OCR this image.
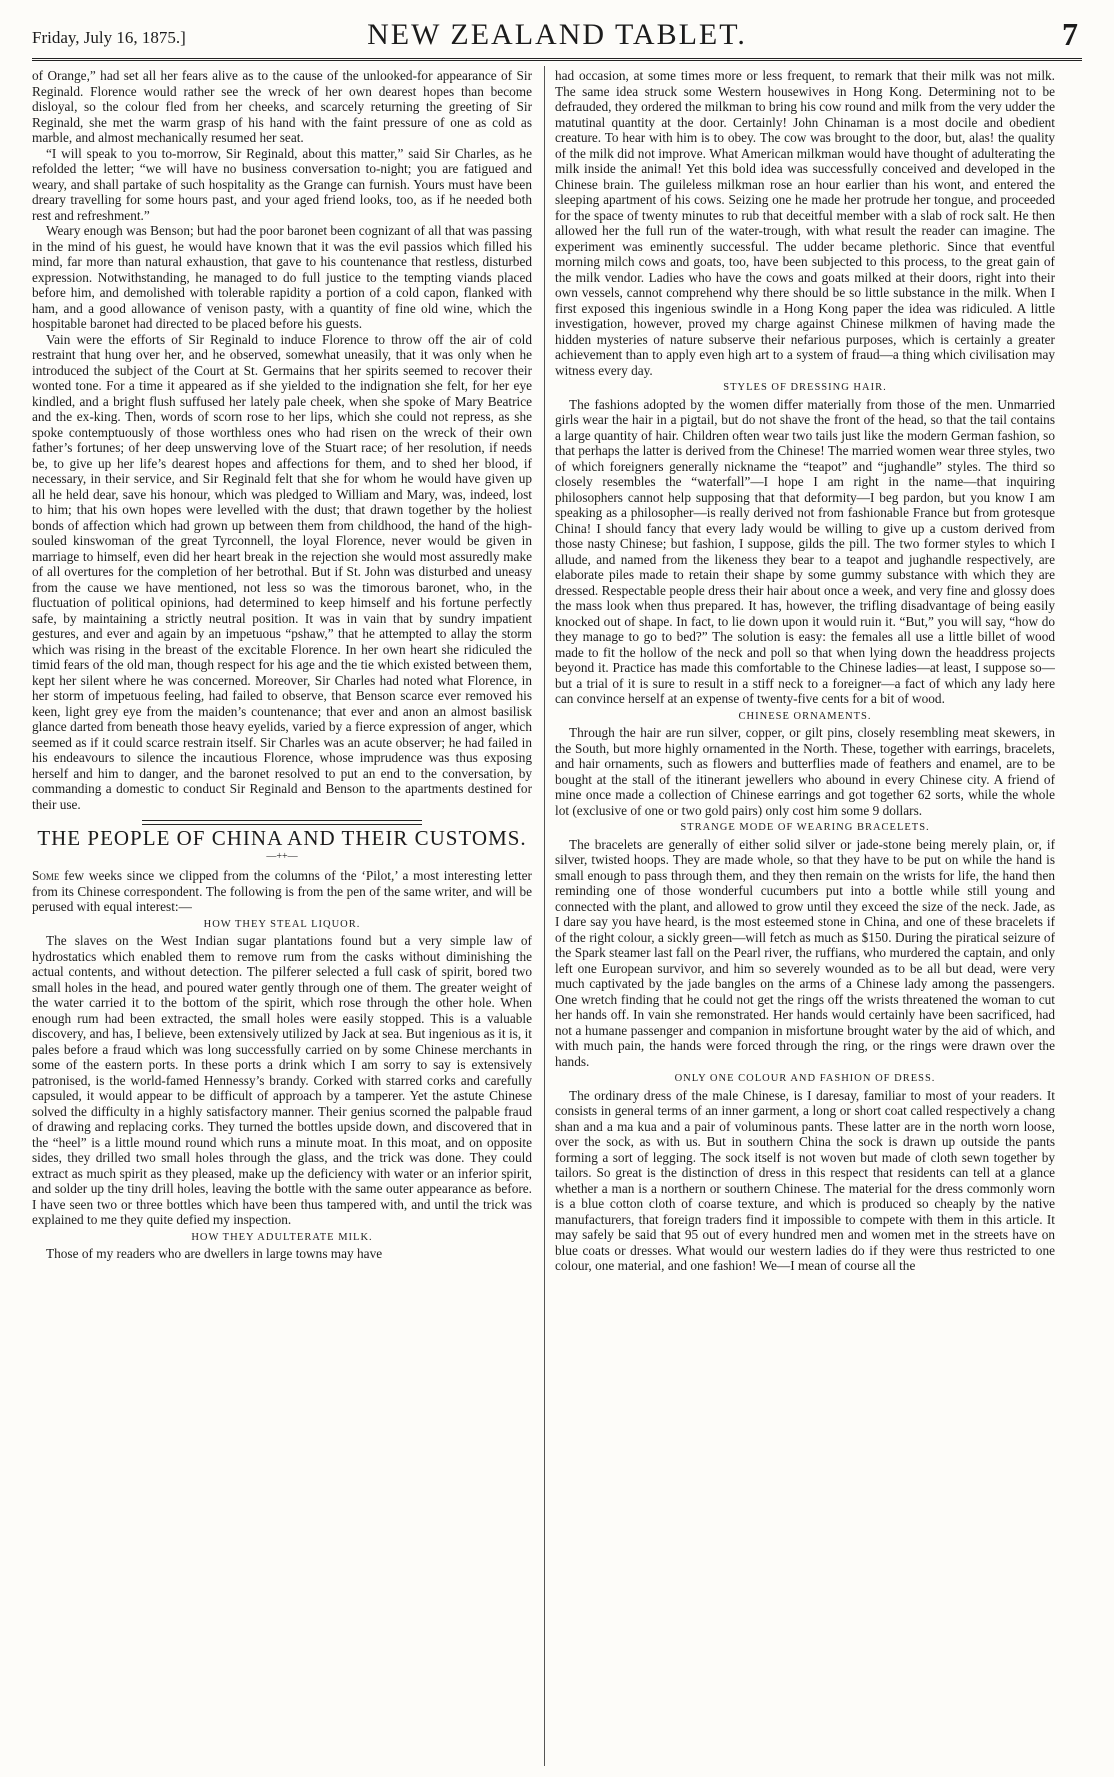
Friday, July 16, 1875.]	NEW ZEALAND TABLET.	7

of Orange,” had set all her fears alive as to the cause of the unlooked-for appearance of Sir Reginald. Florence would rather see the wreck of her own dearest hopes than become disloyal, so the colour fled from her cheeks, and scarcely returning the greeting of Sir Reginald, she met the warm grasp of his hand with the faint pressure of one as cold as marble, and almost mechanically resumed her seat.

“I will speak to you to-morrow, Sir Reginald, about this matter,” said Sir Charles, as he refolded the letter; “we will have no business conversation to-night; you are fatigued and weary, and shall partake of such hospitality as the Grange can furnish. Yours must have been dreary travelling for some hours past, and your aged friend looks, too, as if he needed both rest and refreshment.”

Weary enough was Benson; but had the poor baronet been cognizant of all that was passing in the mind of his guest, he would have known that it was the evil passios which filled his mind, far more than natural exhaustion, that gave to his countenance that restless, disturbed expression. Notwithstanding, he managed to do full justice to the tempting viands placed before him, and demolished with tolerable rapidity a portion of a cold capon, flanked with ham, and a good allowance of venison pasty, with a quantity of fine old wine, which the hospitable baronet had directed to be placed before his guests.

Vain were the efforts of Sir Reginald to induce Florence to throw off the air of cold restraint that hung over her, and he observed, somewhat uneasily, that it was only when he introduced the subject of the Court at St. Germains that her spirits seemed to recover their wonted tone. For a time it appeared as if she yielded to the indignation she felt, for her eye kindled, and a bright flush suffused her lately pale cheek, when she spoke of Mary Beatrice and the ex-king. Then, words of scorn rose to her lips, which she could not repress, as she spoke contemptuously of those worthless ones who had risen on the wreck of their own father’s fortunes; of her deep unswerving love of the Stuart race; of her resolution, if needs be, to give up her life’s dearest hopes and affections for them, and to shed her blood, if necessary, in their service, and Sir Reginald felt that she for whom he would have given up all he held dear, save his honour, which was pledged to William and Mary, was, indeed, lost to him; that his own hopes were levelled with the dust; that drawn together by the holiest bonds of affection which had grown up between them from childhood, the hand of the high-souled kinswoman of the great Tyrconnell, the loyal Florence, never would be given in marriage to himself, even did her heart break in the rejection she would most assuredly make of all overtures for the completion of her betrothal. But if St. John was disturbed and uneasy from the cause we have mentioned, not less so was the timorous baronet, who, in the fluctuation of political opinions, had determined to keep himself and his fortune perfectly safe, by maintaining a strictly neutral position. It was in vain that by sundry impatient gestures, and ever and again by an impetuous “pshaw,” that he attempted to allay the storm which was rising in the breast of the excitable Florence. In her own heart she ridiculed the timid fears of the old man, though respect for his age and the tie which existed between them, kept her silent where he was concerned. Moreover, Sir Charles had noted what Florence, in her storm of impetuous feeling, had failed to observe, that Benson scarce ever removed his keen, light grey eye from the maiden’s countenance; that ever and anon an almost basilisk glance darted from beneath those heavy eyelids, varied by a fierce expression of anger, which seemed as if it could scarce restrain itself. Sir Charles was an acute observer; he had failed in his endeavours to silence the incautious Florence, whose imprudence was thus exposing herself and him to danger, and the baronet resolved to put an end to the conversation, by commanding a domestic to conduct Sir Reginald and Benson to the apartments destined for their use.

THE PEOPLE OF CHINA AND THEIR CUSTOMS.
—++—

Some few weeks since we clipped from the columns of the ‘Pilot,’ a most interesting letter from its Chinese correspondent. The following is from the pen of the same writer, and will be perused with equal interest:—

HOW THEY STEAL LIQUOR.

The slaves on the West Indian sugar plantations found but a very simple law of hydrostatics which enabled them to remove rum from the casks without diminishing the actual contents, and without detection. The pilferer selected a full cask of spirit, bored two small holes in the head, and poured water gently through one of them. The greater weight of the water carried it to the bottom of the spirit, which rose through the other hole. When enough rum had been extracted, the small holes were easily stopped. This is a valuable discovery, and has, I believe, been extensively utilized by Jack at sea. But ingenious as it is, it pales before a fraud which was long successfully carried on by some Chinese merchants in some of the eastern ports. In these ports a drink which I am sorry to say is extensively patronised, is the world-famed Hennessy’s brandy. Corked with starred corks and carefully capsuled, it would appear to be difficult of approach by a tamperer. Yet the astute Chinese solved the difficulty in a highly satisfactory manner. Their genius scorned the palpable fraud of drawing and replacing corks. They turned the bottles upside down, and discovered that in the “heel” is a little mound round which runs a minute moat. In this moat, and on opposite sides, they drilled two small holes through the glass, and the trick was done. They could extract as much spirit as they pleased, make up the deficiency with water or an inferior spirit, and solder up the tiny drill holes, leaving the bottle with the same outer appearance as before. I have seen two or three bottles which have been thus tampered with, and until the trick was explained to me they quite defied my inspection.

HOW THEY ADULTERATE MILK.

Those of my readers who are dwellers in large towns may have

had occasion, at some times more or less frequent, to remark that their milk was not milk. The same idea struck some Western housewives in Hong Kong. Determining not to be defrauded, they ordered the milkman to bring his cow round and milk from the very udder the matutinal quantity at the door. Certainly! John Chinaman is a most docile and obedient creature. To hear with him is to obey. The cow was brought to the door, but, alas! the quality of the milk did not improve. What American milkman would have thought of adulterating the milk inside the animal! Yet this bold idea was successfully conceived and developed in the Chinese brain. The guileless milkman rose an hour earlier than his wont, and entered the sleeping apartment of his cows. Seizing one he made her protrude her tongue, and proceeded for the space of twenty minutes to rub that deceitful member with a slab of rock salt. He then allowed her the full run of the water-trough, with what result the reader can imagine. The experiment was eminently successful. The udder became plethoric. Since that eventful morning milch cows and goats, too, have been subjected to this process, to the great gain of the milk vendor. Ladies who have the cows and goats milked at their doors, right into their own vessels, cannot comprehend why there should be so little substance in the milk. When I first exposed this ingenious swindle in a Hong Kong paper the idea was ridiculed. A little investigation, however, proved my charge against Chinese milkmen of having made the hidden mysteries of nature subserve their nefarious purposes, which is certainly a greater achievement than to apply even high art to a system of fraud—a thing which civilisation may witness every day.

STYLES OF DRESSING HAIR.

The fashions adopted by the women differ materially from those of the men. Unmarried girls wear the hair in a pigtail, but do not shave the front of the head, so that the tail contains a large quantity of hair. Children often wear two tails just like the modern German fashion, so that perhaps the latter is derived from the Chinese! The married women wear three styles, two of which foreigners generally nickname the “teapot” and “jughandle” styles. The third so closely resembles the “waterfall”—I hope I am right in the name—that inquiring philosophers cannot help supposing that that deformity—I beg pardon, but you know I am speaking as a philosopher—is really derived not from fashionable France but from grotesque China! I should fancy that every lady would be willing to give up a custom derived from those nasty Chinese; but fashion, I suppose, gilds the pill. The two former styles to which I allude, and named from the likeness they bear to a teapot and jughandle respectively, are elaborate piles made to retain their shape by some gummy substance with which they are dressed. Respectable people dress their hair about once a week, and very fine and glossy does the mass look when thus prepared. It has, however, the trifling disadvantage of being easily knocked out of shape. In fact, to lie down upon it would ruin it. “But,” you will say, “how do they manage to go to bed?” The solution is easy: the females all use a little billet of wood made to fit the hollow of the neck and poll so that when lying down the headdress projects beyond it. Practice has made this comfortable to the Chinese ladies—at least, I suppose so—but a trial of it is sure to result in a stiff neck to a foreigner—a fact of which any lady here can convince herself at an expense of twenty-five cents for a bit of wood.

CHINESE ORNAMENTS.

Through the hair are run silver, copper, or gilt pins, closely resembling meat skewers, in the South, but more highly ornamented in the North. These, together with earrings, bracelets, and hair ornaments, such as flowers and butterflies made of feathers and enamel, are to be bought at the stall of the itinerant jewellers who abound in every Chinese city. A friend of mine once made a collection of Chinese earrings and got together 62 sorts, while the whole lot (exclusive of one or two gold pairs) only cost him some 9 dollars.

STRANGE MODE OF WEARING BRACELETS.

The bracelets are generally of either solid silver or jade-stone being merely plain, or, if silver, twisted hoops. They are made whole, so that they have to be put on while the hand is small enough to pass through them, and they then remain on the wrists for life, the hand then reminding one of those wonderful cucumbers put into a bottle while still young and connected with the plant, and allowed to grow until they exceed the size of the neck. Jade, as I dare say you have heard, is the most esteemed stone in China, and one of these bracelets if of the right colour, a sickly green—will fetch as much as $150. During the piratical seizure of the Spark steamer last fall on the Pearl river, the ruffians, who murdered the captain, and only left one European survivor, and him so severely wounded as to be all but dead, were very much captivated by the jade bangles on the arms of a Chinese lady among the passengers. One wretch finding that he could not get the rings off the wrists threatened the woman to cut her hands off. In vain she remonstrated. Her hands would certainly have been sacrificed, had not a humane passenger and companion in misfortune brought water by the aid of which, and with much pain, the hands were forced through the ring, or the rings were drawn over the hands.

ONLY ONE COLOUR AND FASHION OF DRESS.

The ordinary dress of the male Chinese, is I daresay, familiar to most of your readers. It consists in general terms of an inner garment, a long or short coat called respectively a chang shan and a ma kua and a pair of voluminous pants. These latter are in the north worn loose, over the sock, as with us. But in southern China the sock is drawn up outside the pants forming a sort of legging. The sock itself is not woven but made of cloth sewn together by tailors. So great is the distinction of dress in this respect that residents can tell at a glance whether a man is a northern or southern Chinese. The material for the dress commonly worn is a blue cotton cloth of coarse texture, and which is produced so cheaply by the native manufacturers, that foreign traders find it impossible to compete with them in this article. It may safely be said that 95 out of every hundred men and women met in the streets have on blue coats or dresses. What would our western ladies do if they were thus restricted to one colour, one material, and one fashion! We—I mean of course all the
